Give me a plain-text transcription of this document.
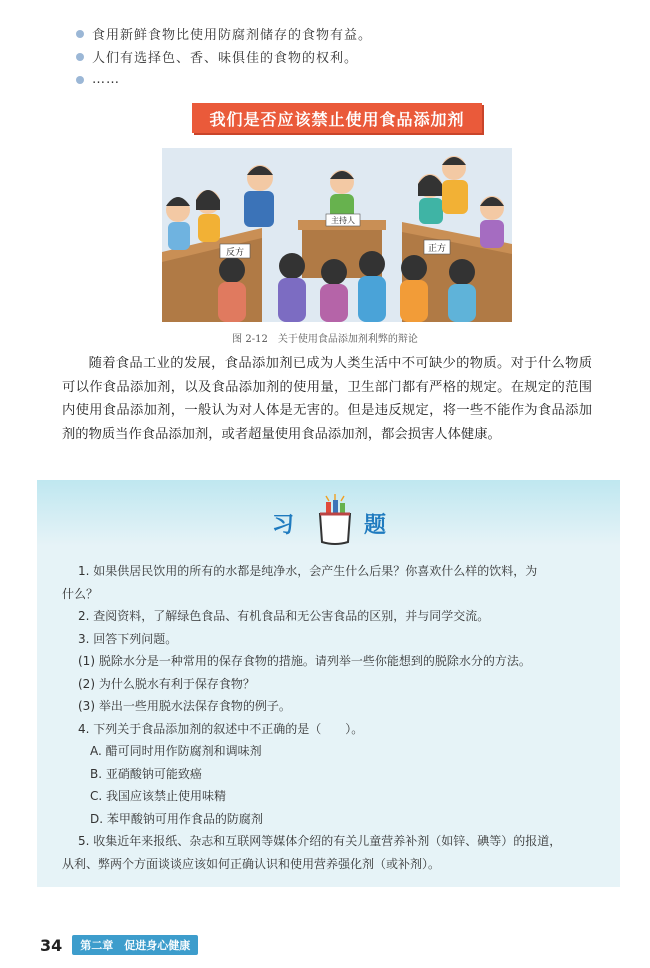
食用新鲜食物比使用防腐剂储存的食物有益。
人们有选择色、香、味俱佳的食物的权利。
……
我们是否应该禁止使用食品添加剂
反方
主持人
正方
图 2-12　关于使用食品添加剂利弊的辩论
随着食品工业的发展，食品添加剂已成为人类生活中不可缺少的物质。对于什么物质可以作食品添加剂，以及食品添加剂的使用量，卫生部门都有严格的规定。在规定的范围内使用食品添加剂，一般认为对人体是无害的。但是违反规定，将一些不能作为食品添加剂的物质当作食品添加剂，或者超量使用食品添加剂，都会损害人体健康。
习	题
1. 如果供居民饮用的所有的水都是纯净水，会产生什么后果？你喜欢什么样的饮料，为
什么？
2. 查阅资料，了解绿色食品、有机食品和无公害食品的区别，并与同学交流。
3. 回答下列问题。
(1) 脱除水分是一种常用的保存食物的措施。请列举一些你能想到的脱除水分的方法。
(2) 为什么脱水有利于保存食物？
(3) 举出一些用脱水法保存食物的例子。
4. 下列关于食品添加剂的叙述中不正确的是（　　）。
A. 醋可同时用作防腐剂和调味剂
B. 亚硝酸钠可能致癌
C. 我国应该禁止使用味精
D. 苯甲酸钠可用作食品的防腐剂
5. 收集近年来报纸、杂志和互联网等媒体介绍的有关儿童营养补剂（如锌、碘等）的报道，
从利、弊两个方面谈谈应该如何正确认识和使用营养强化剂（或补剂）。
34	第二章　促进身心健康
